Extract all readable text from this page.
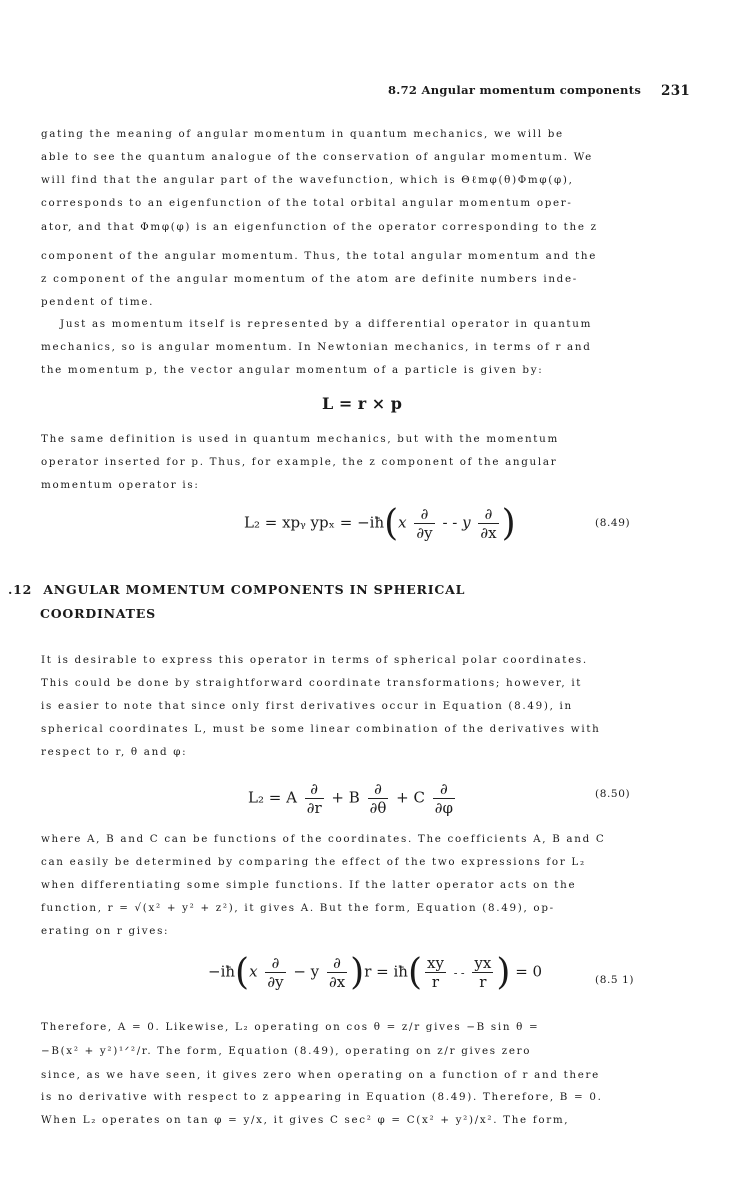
8.72 Angular momentum components 231
gating the meaning of angular momentum in quantum mechanics, we will be
able to see the quantum analogue of the conservation of angular momentum. We
will find that the angular part of the wavefunction, which is Θℓmφ(θ)Φmφ(φ),
corresponds to an eigenfunction of the total orbital angular momentum oper-
ator, and that Φmφ(φ) is an eigenfunction of the operator corresponding to the z
component of the angular momentum. Thus, the total angular momentum and the
z component of the angular momentum of the atom are definite numbers inde-
pendent of time.
Just as momentum itself is represented by a differential operator in quantum
mechanics, so is angular momentum. In Newtonian mechanics, in terms of r and
the momentum p, the vector angular momentum of a particle is given by:
L = r × p
The same definition is used in quantum mechanics, but with the momentum
operator inserted for p. Thus, for example, the z component of the angular
momentum operator is:
L₂ = xpᵧ ypₓ = −iħ(x $\frac{\partial}{\partial y}$ - - y $\frac{\partial}{\partial x}$ )	(8.49)
.12 ANGULAR MOMENTUM COMPONENTS IN SPHERICAL
COORDINATES
It is desirable to express this operator in terms of spherical polar coordinates.
This could be done by straightforward coordinate transformations; however, it
is easier to note that since only first derivatives occur in Equation (8.49), in
spherical coordinates L, must be some linear combination of the derivatives with
respect to r, θ and φ:
L₂ = A $\frac{\partial}{\partial r} + B \frac{\partial}{\partial\theta} + C \frac{\partial}{\partial\varphi}$	(8.50)
where A, B and C can be functions of the coordinates. The coefficients A, B and C
can easily be determined by comparing the effect of the two expressions for L₂
when differentiating some simple functions. If the latter operator acts on the
function, r = √(x² + y² + z²), it gives A. But the form, Equation (8.49), op-
erating on r gives:
−iħ(x $\frac{\partial}{\partial y} - y \frac{\partial}{\partial x} )r$ = iħ( $\frac{xy}{r}$ - - $\frac{yx}{r}$ ) = 0	(8.5 1)
Therefore, A = 0. Likewise, L₂ operating on cos θ = z/r gives −B sin θ =
−B(x² + y²)¹ᐟ²/r. The form, Equation (8.49), operating on z/r gives zero
since, as we have seen, it gives zero when operating on a function of r and there
is no derivative with respect to z appearing in Equation (8.49). Therefore, B = 0.
When L₂ operates on tan φ = y/x, it gives C sec² φ = C(x² + y²)/x². The form,
